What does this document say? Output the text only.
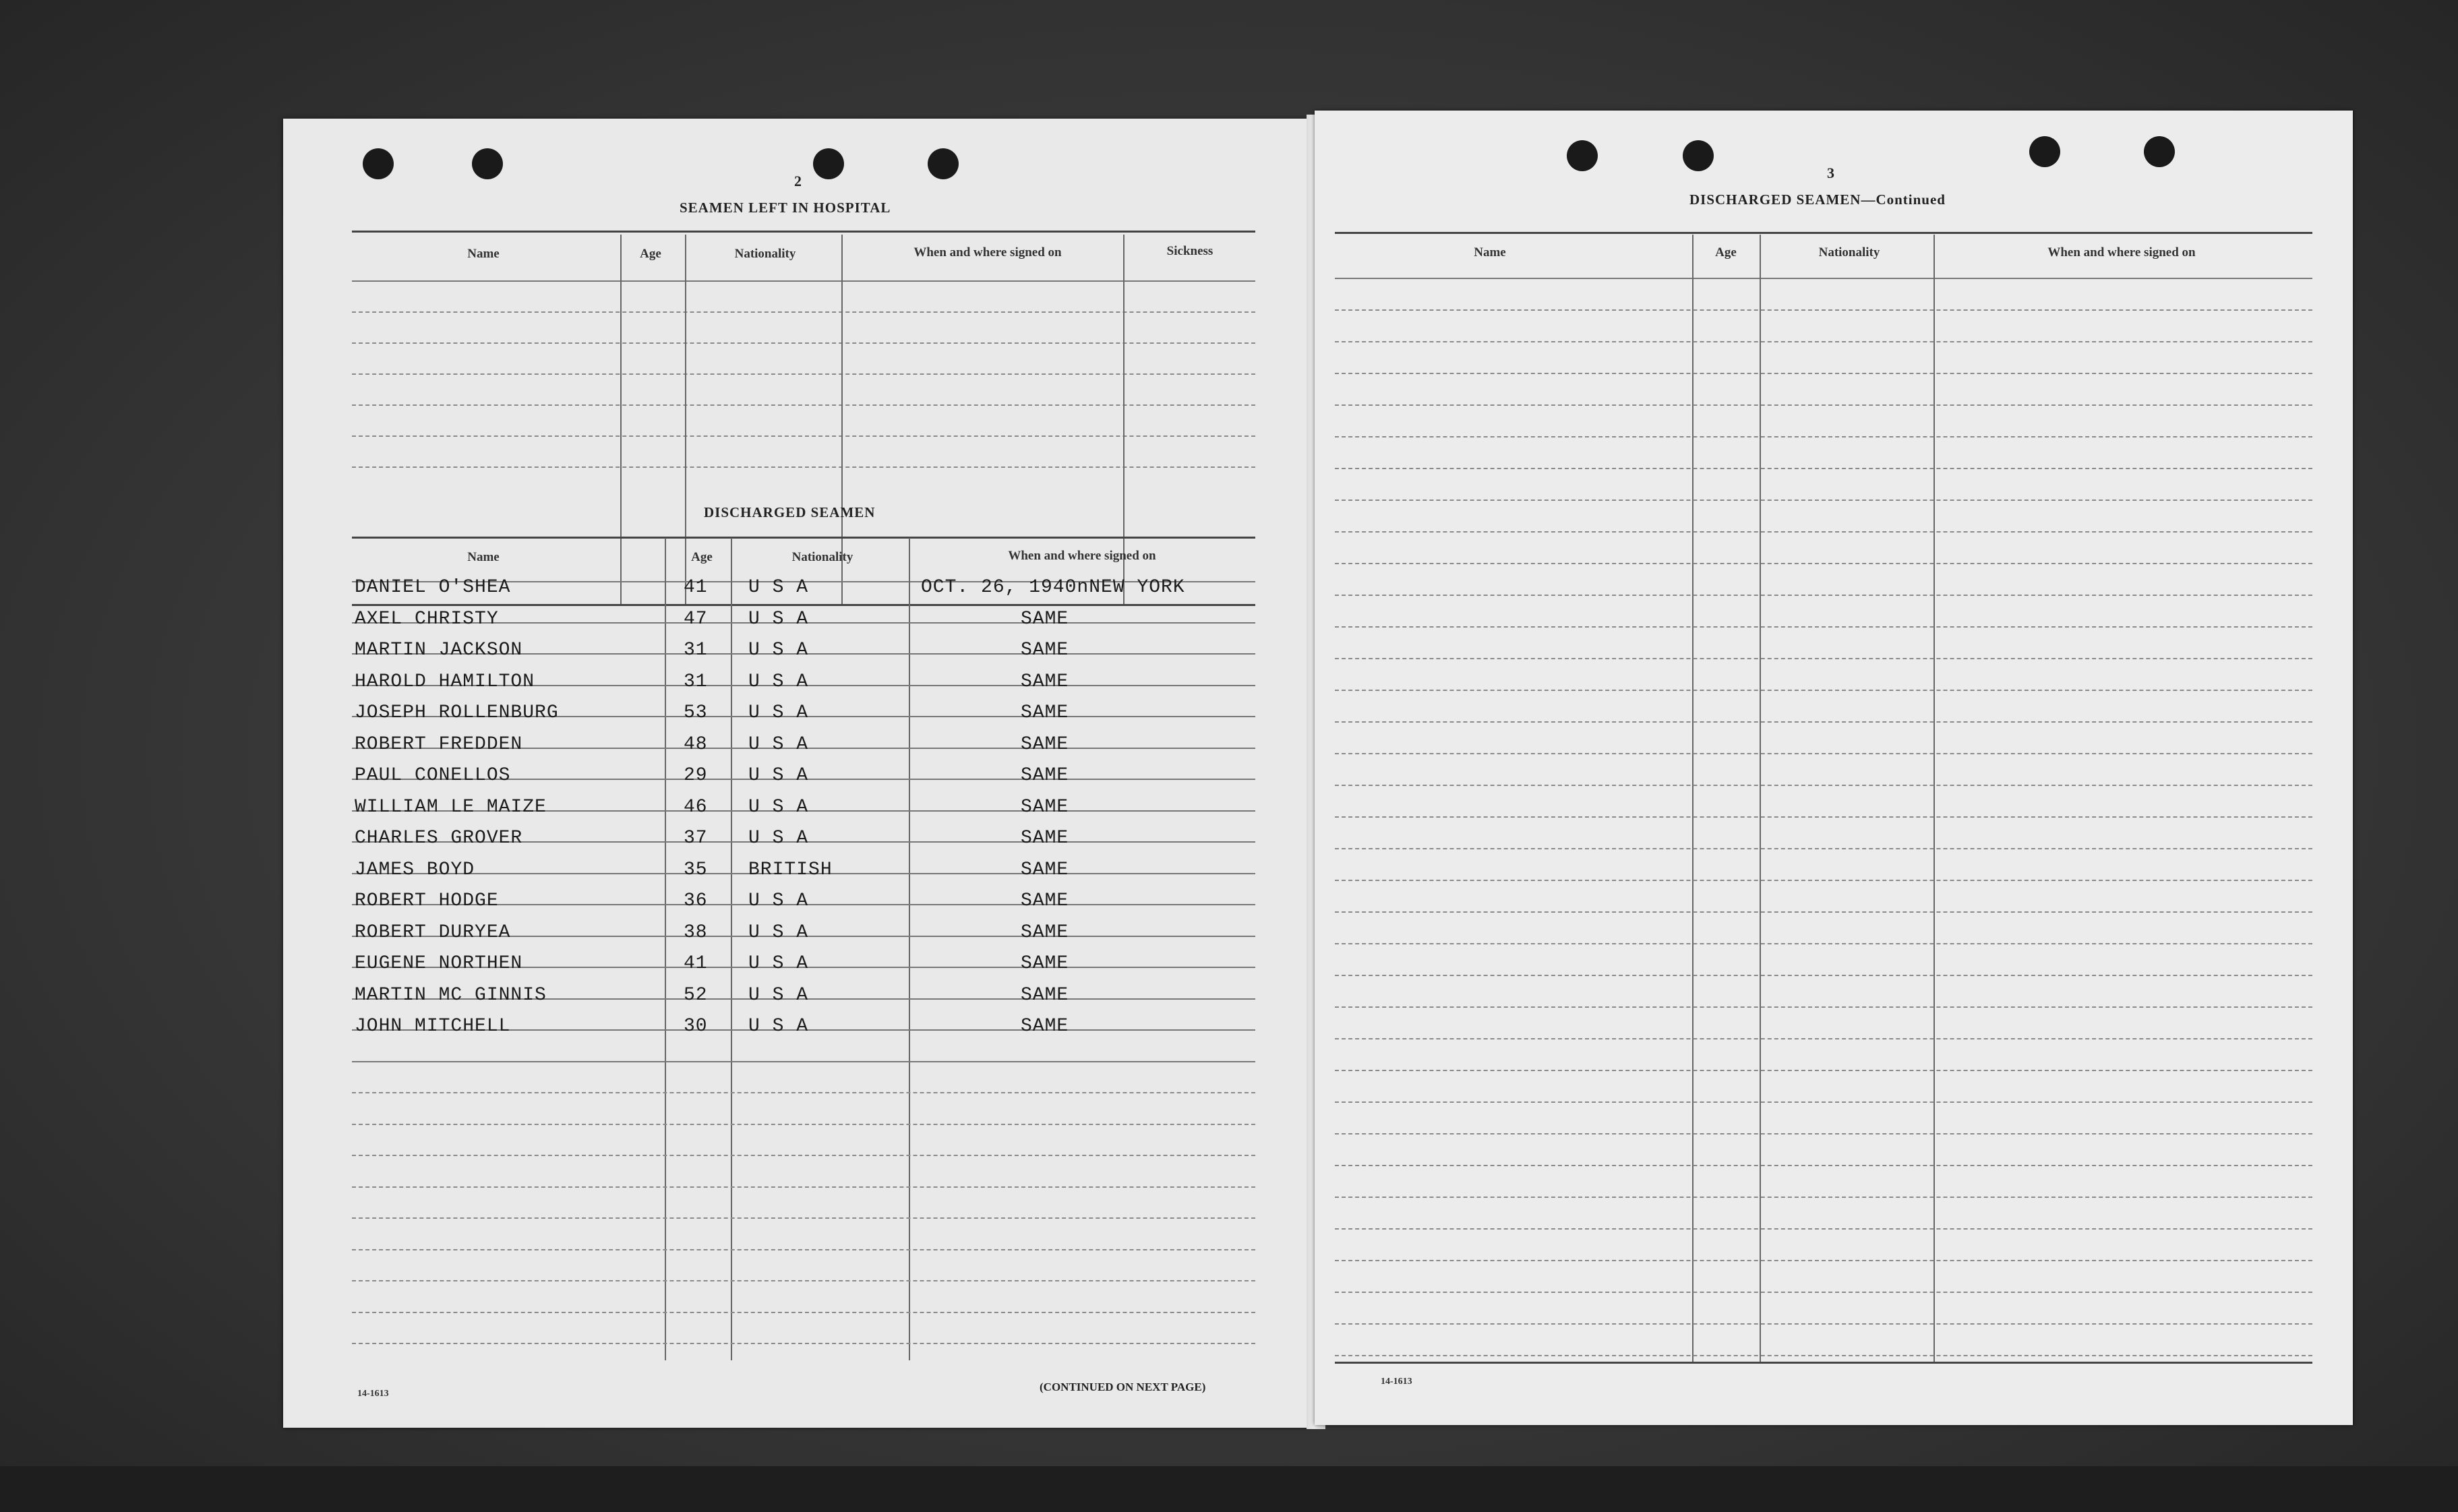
2
SEAMEN LEFT IN HOSPITAL
Name	Age	Nationality	When and where signed on	Sickness
DISCHARGED SEAMEN
Name	Age	Nationality	When and where signed on
DANIEL O'SHEA	41 U S A	OCT. 26, 1940nNEW YORK
AXEL CHRISTY	47 U S A	SAME
MARTIN JACKSON	31 U S A	SAME
HAROLD HAMILTON	31 U S A	SAME
JOSEPH ROLLENBURG	53 U S A	SAME
ROBERT FREDDEN	48 U S A	SAME
PAUL CONELLOS	29 U S A	SAME
WILLIAM LE MAIZE	46 U S A	SAME
CHARLES GROVER	37 U S A	SAME
JAMES BOYD	35 BRITISH	SAME
ROBERT HODGE	36 U S A	SAME
ROBERT DURYEA	38 U S A	SAME
EUGENE NORTHEN	41 U S A	SAME
MARTIN MC GINNIS	52 U S A	SAME
JOHN MITCHELL	30 U S A	SAME
14-1613
(CONTINUED ON NEXT PAGE)
3
DISCHARGED SEAMEN—Continued
Name	Age	Nationality	When and where signed on
14-1613
